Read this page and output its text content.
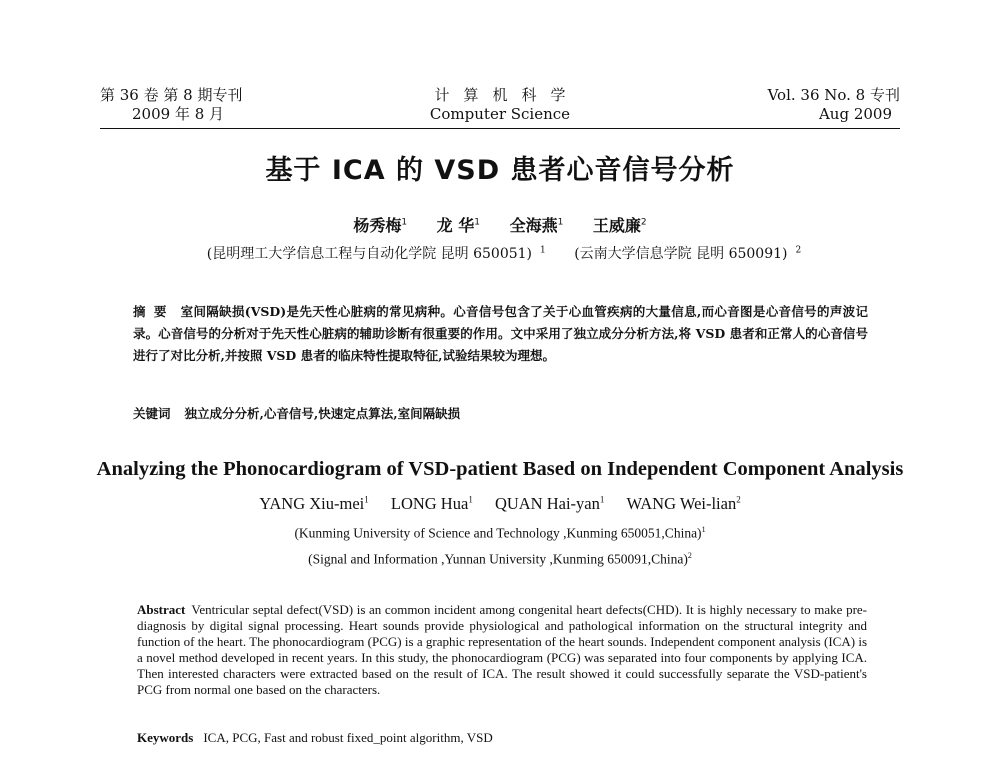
第 36 卷 第 8 期专刊
2009 年 8 月
计算机科学
Computer Science
Vol. 36 No. 8 专刊
Aug 2009
基于 ICA 的 VSD 患者心音信号分析
杨秀梅$^1$ 龙 华$^1$ 全海燕$^1$ 王威廉$^2$
(昆明理工大学信息工程与自动化学院 昆明 650051) $^1$ (云南大学信息学院 昆明 650091) $^2$
摘要 室间隔缺损(VSD)是先天性心脏病的常见病种。心音信号包含了关于心血管疾病的大量信息,而心音图是心音信号的声波记录。心音信号的分析对于先天性心脏病的辅助诊断有很重要的作用。文中采用了独立成分分析方法,将 VSD 患者和正常人的心音信号进行了对比分析,并按照 VSD 患者的临床特性提取特征,试验结果较为理想。
关键词 独立成分分析,心音信号,快速定点算法,室间隔缺损
Analyzing the Phonocardiogram of VSD-patient Based on Independent Component Analysis
YANG Xiu-mei$^1$ LONG Hua$^1$ QUAN Hai-yan$^1$ WANG Wei-lian$^2$
(Kunming University of Science and Technology ,Kunming 650051,China)$^1$
(Signal and Information ,Yunnan University ,Kunming 650091,China)$^2$
Abstract Ventricular septal defect(VSD) is an common incident among congenital heart defects(CHD). It is highly necessary to make pre-diagnosis by digital signal processing. Heart sounds provide physiological and pathological information on the structural integrity and function of the heart. The phonocardiogram (PCG) is a graphic representation of the heart sounds. Independent component analysis (ICA) is a novel method developed in recent years. In this study, the phonocardiogram (PCG) was separated into four components by applying ICA. Then interested characters were extracted based on the result of ICA. The result showed it could successfully separate the VSD-patient's PCG from normal one based on the characters.
Keywords ICA, PCG, Fast and robust fixed_point algorithm, VSD
